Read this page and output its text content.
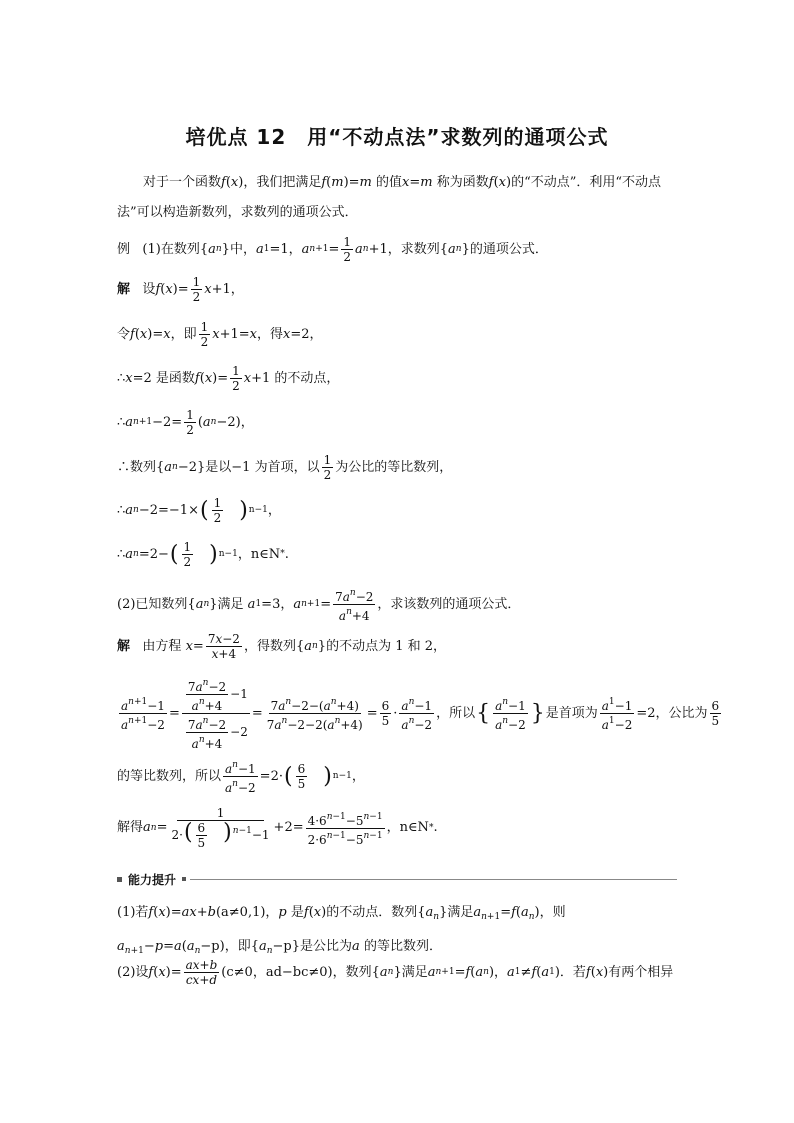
培优点 12　用“不动点法”求数列的通项公式
对于一个函数f(x)，我们把满足f(m)=m 的值x=m 称为函数f(x)的“不动点”．利用“不动点法”可以构造新数列，求数列的通项公式．
例
(1)在数列{ a n }中， a 1 =1， a $n+1 = \frac{1}{2}$ a n +1，求数列{ a n }的通项公式．
解
设 f ( x )= $\frac{1}{2}$ x +1，
令 f ( x )= x ，即 $\frac{1}{2}$ x +1= x ，得 x =2，
∴ x =2 是函数 f ( x )= $\frac{1}{2}$ x +1 的不动点，
∴ a $n+1 -2= \frac{1}{2}$ ( a n −2)，
∴数列{ a n −2}是以−1 为首项，以 $\frac{1}{2}$ 为公比的等比数列，
∴ a n −2=−1× ( $\frac{1}{2}$ ) n−1 ，
∴ a n =2− ( $\frac{1}{2}$ ) n−1 ，n∈N * .
(2)已知数列{ a n }满足
a 1 =3， a $n+1 = \frac{7a^n-2}{a^n+4}$ ，求该数列的通项公式．
解
由方程
$x = \frac{7x-2}{x+4}$ ，得数列{ a n }的不动点为 1 和 2，
$\frac{a^{n+1}-1}{a^{n+1}-2} = \frac{\frac{7a^n-2}{a^n+4} -1}{\frac{7a^n-2}{a^n+4} -2} = \frac{7a^n-2-(a^n+4)}{7a^n-2-2(a^n+4)} = \frac{6}{5} \cdot \frac{a^n-1}{a^n-2}$ ，所以 { $\frac{a^n-1}{a^n-2}$ } 是首项为 $\frac{a^1-1}{a^1-2} =2$，公比为 $\frac{6}{5}$
的等比数列，所以 $\frac{a^n-1}{a^n-2} =2\cdot$ ( $\frac{6}{5}$ ) n−1 ，
解得 a $n = \frac{1}{2\cdot( \frac{6}{5} )^{n-1}-1} +2= \frac{4\cdot 6^{n-1}-5^{n-1}}{2\cdot 6^{n-1}-5^{n-1}}$ ，n∈N * .
能力提升
(1)若f(x)=ax+b(a≠0,1)，p 是f(x)的不动点．数列$\{a_n\}$满足$a_{n+1}=f(a_n)$，则$a_{n+1}-p=a(a_n-p)$，即$\{a_n-p\}$是公比为a 的等比数列．
(2)设 f ( x )= $\frac{ax+b}{cx+d} (c\ne 0$，ad−bc≠0)，数列{ a n }满足 a n+1 = f ( a n ) ， a 1 ≠ f ( a 1 ) ．若 f ( x ) 有两个相异
